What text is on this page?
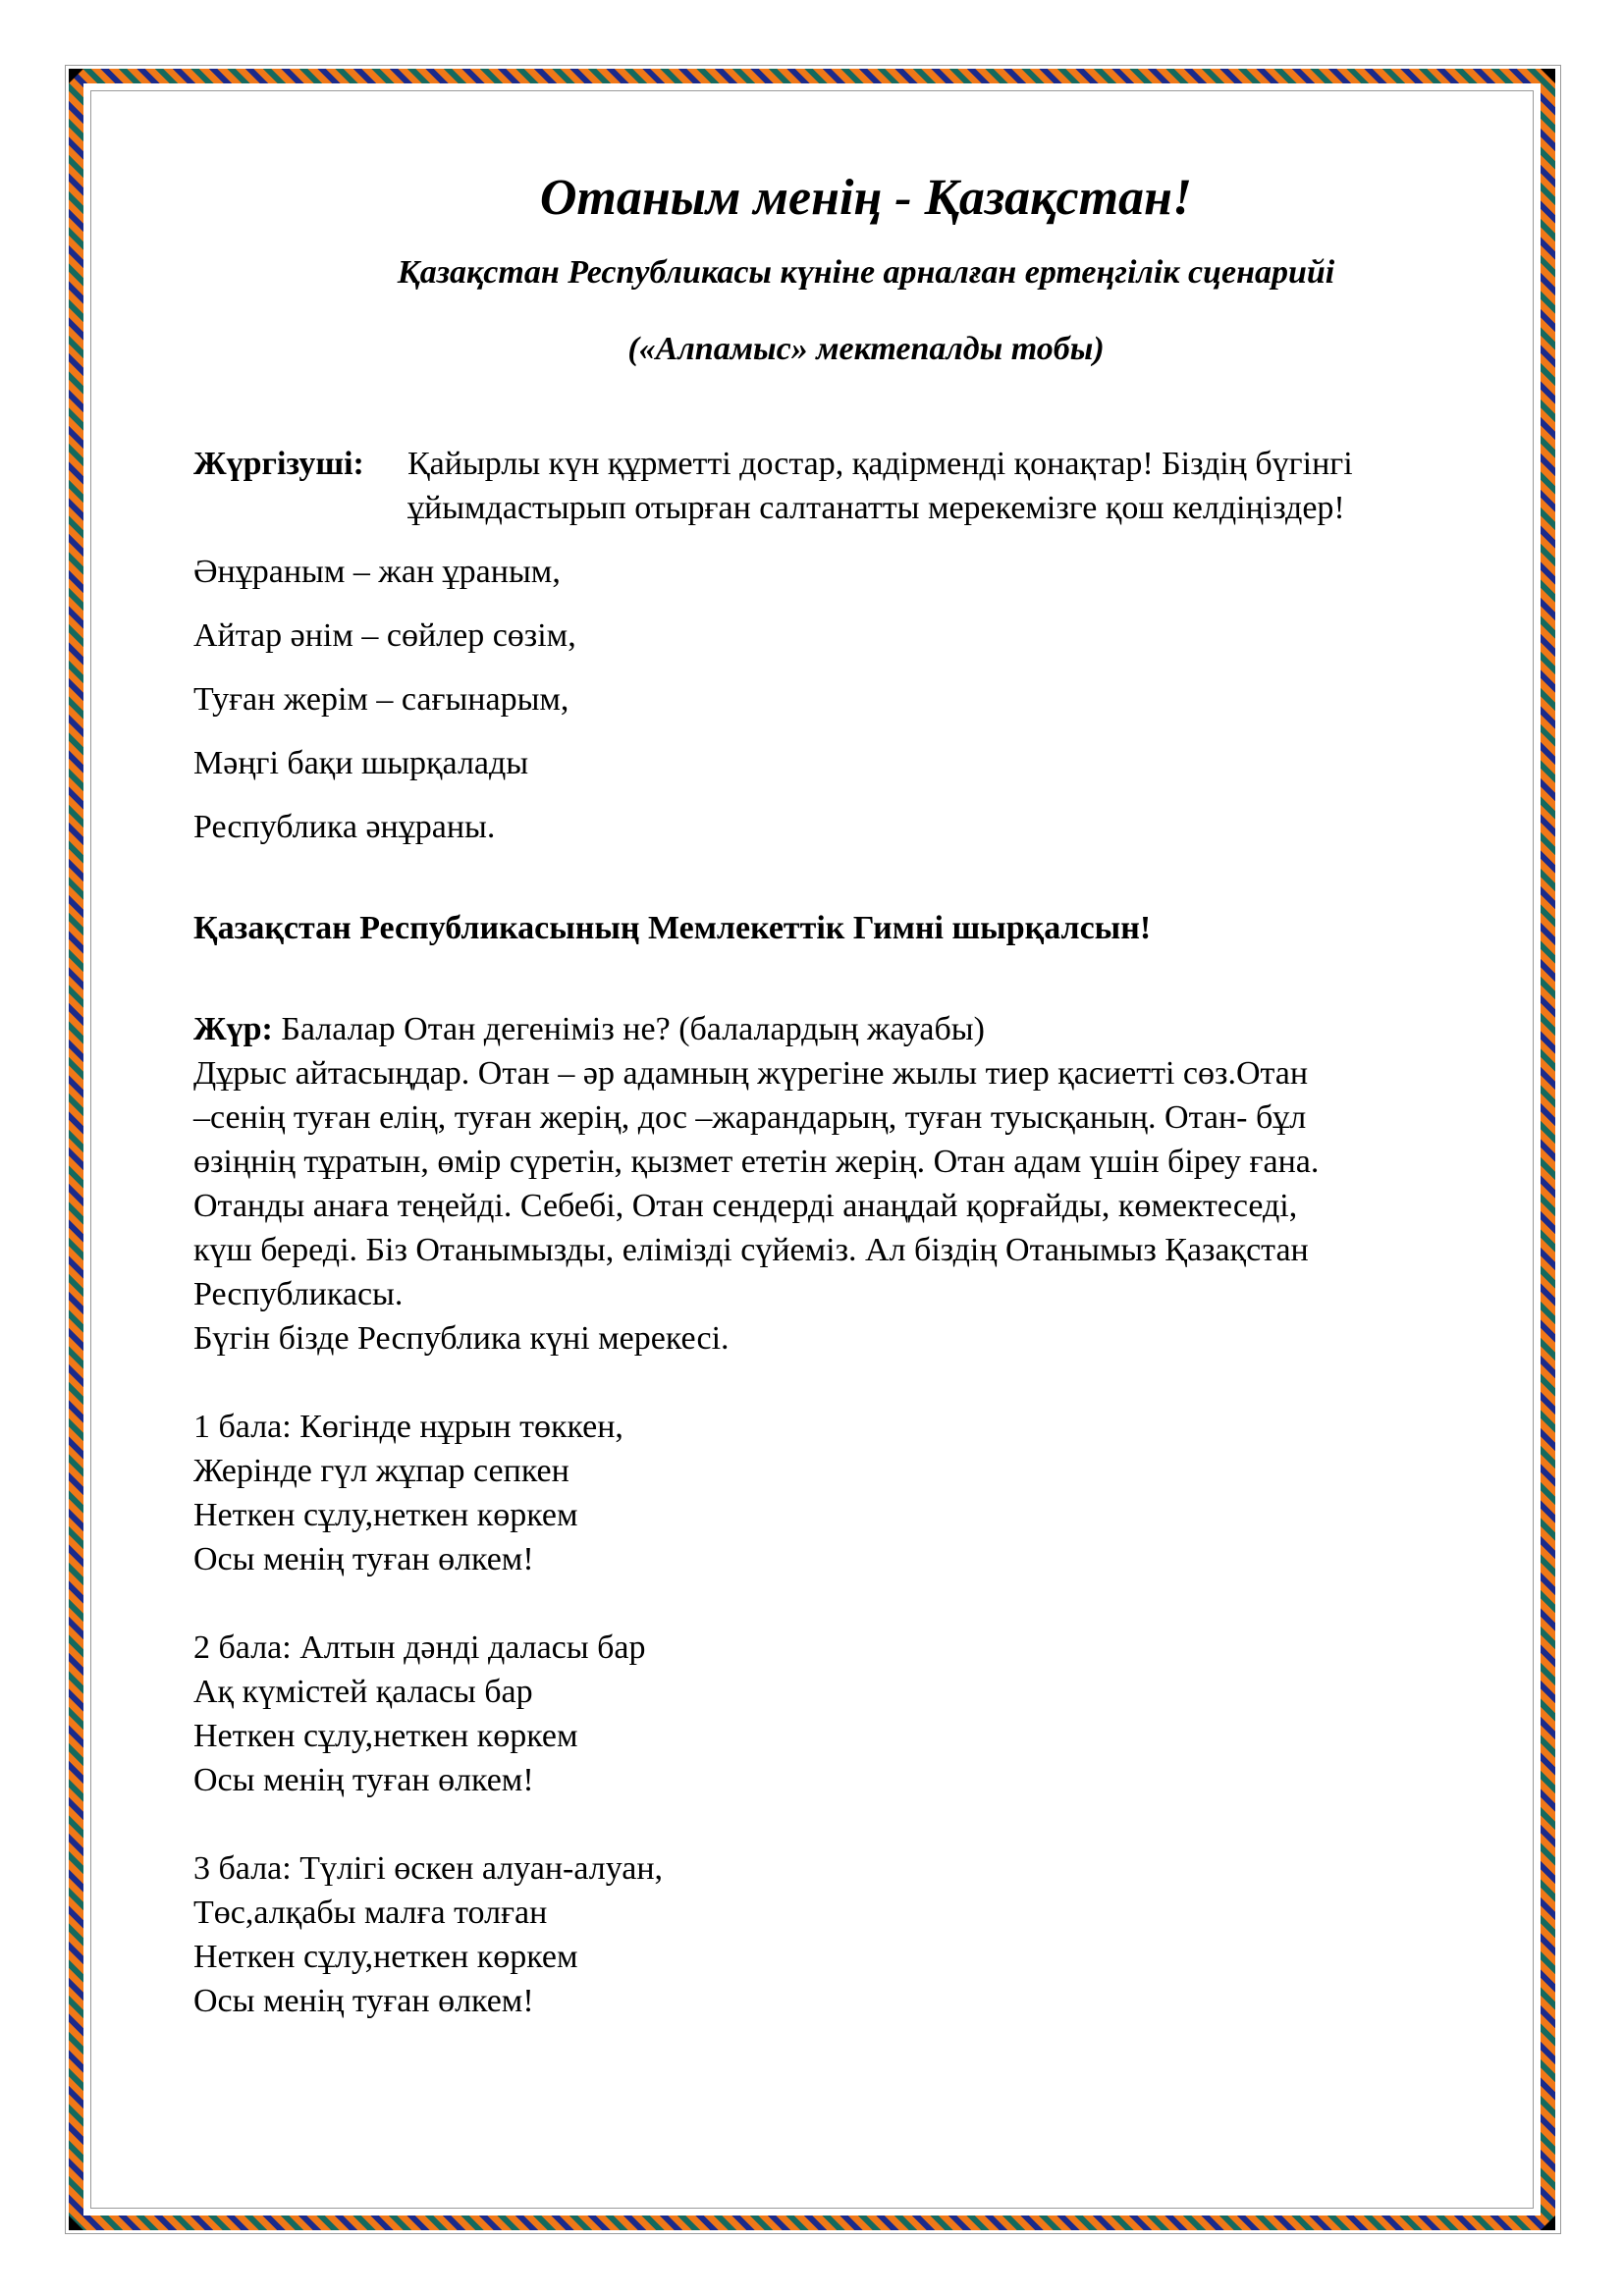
Отаным менің - Қазақстан!
Қазақстан Республикасы күніне арналған ертеңгілік сценарийі
(«Алпамыс» мектепалды тобы)
Жүргізуші:	Қайырлы күн құрметті достар, қадірменді қонақтар! Біздің бүгінгі ұйымдастырып отырған салтанатты мерекемізге қош келдіңіздер!

Әнұраным – жан ұраным,

Айтар әнім – сөйлер сөзім,

Туған жерім – сағынарым,

Мәңгі бақи шырқалады

Республика әнұраны.

Қазақстан Республикасының Мемлекеттік Гимні шырқалсын!

Жүр: Балалар Отан дегеніміз не? (балалардың жауабы)

Дұрыс айтасыңдар. Отан – әр адамның жүрегіне жылы тиер қасиетті сөз.Отан

–сенің туған елің, туған жерің, дос –жарандарың, туған туысқаның. Отан- бұл

өзіңнің тұратын, өмір сүретін, қызмет ететін жерің. Отан адам үшін біреу ғана.

Отанды анаға теңейді. Себебі, Отан сендерді анаңдай қорғайды, көмектеседі,

күш береді. Біз Отанымызды, елімізді сүйеміз. Ал біздің Отанымыз Қазақстан

Республикасы.

Бүгін бізде Республика күні мерекесі.

1 бала: Көгінде нұрын төккен,

Жерінде гүл жұпар сепкен

Неткен сұлу,неткен көркем

Осы менің туған өлкем!

2 бала: Алтын дәнді даласы бар

Ақ күмістей қаласы бар

Неткен сұлу,неткен көркем

Осы менің туған өлкем!

3 бала: Түлігі өскен алуан-алуан,

Төс,алқабы малға толған

Неткен сұлу,неткен көркем

Осы менің туған өлкем!
